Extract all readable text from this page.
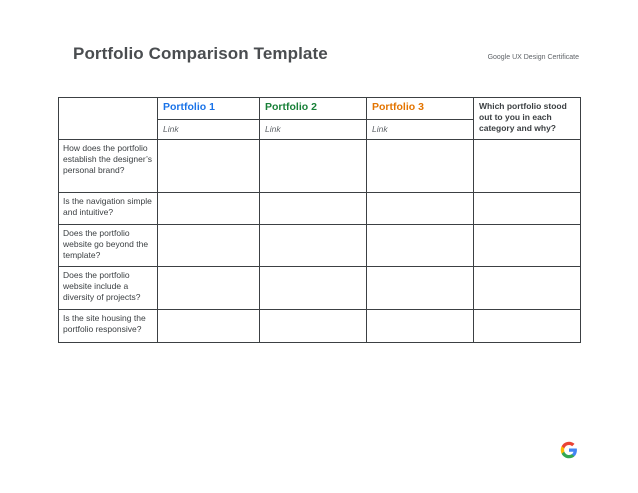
Portfolio Comparison Template	Google UX Design Certificate

	Portfolio 1	Portfolio 2	Portfolio 3	Which portfolio stood out to you in each category and why?

	Link	Link	Link	

How does the portfolio establish the designer’s personal brand?				

Is the navigation simple and intuitive?				

Does the portfolio website go beyond the template?				

Does the portfolio website include a diversity of projects?				

Is the site housing the portfolio responsive?				
